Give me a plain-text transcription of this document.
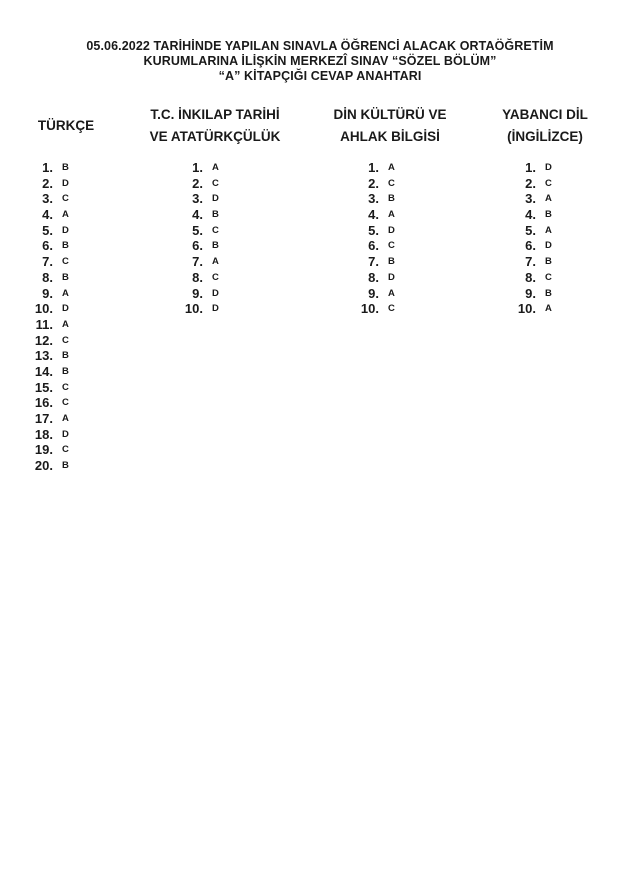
05.06.2022 TARİHİNDE YAPILAN SINAVLA ÖĞRENCİ ALACAK ORTAÖĞRETİM
KURUMLARINA İLİŞKİN MERKEZÎ SINAV “SÖZEL BÖLÜM”
“A” KİTAPÇIĞI CEVAP ANAHTARI
TÜRKÇE
T.C. İNKILAP TARİHİ
VE ATATÜRKÇÜLÜK
DİN KÜLTÜRÜ VE
AHLAK BİLGİSİ
YABANCI DİL
(İNGİLİZCE)
1. B
2. D
3. C
4. A
5. D
6. B
7. C
8. B
9. A
10. D
11. A
12. C
13. B
14. B
15. C
16. C
17. A
18. D
19. C
20. B
1. A
2. C
3. D
4. B
5. C
6. B
7. A
8. C
9. D
10. D
1. A
2. C
3. B
4. A
5. D
6. C
7. B
8. D
9. A
10. C
1. D
2. C
3. A
4. B
5. A
6. D
7. B
8. C
9. B
10. A
